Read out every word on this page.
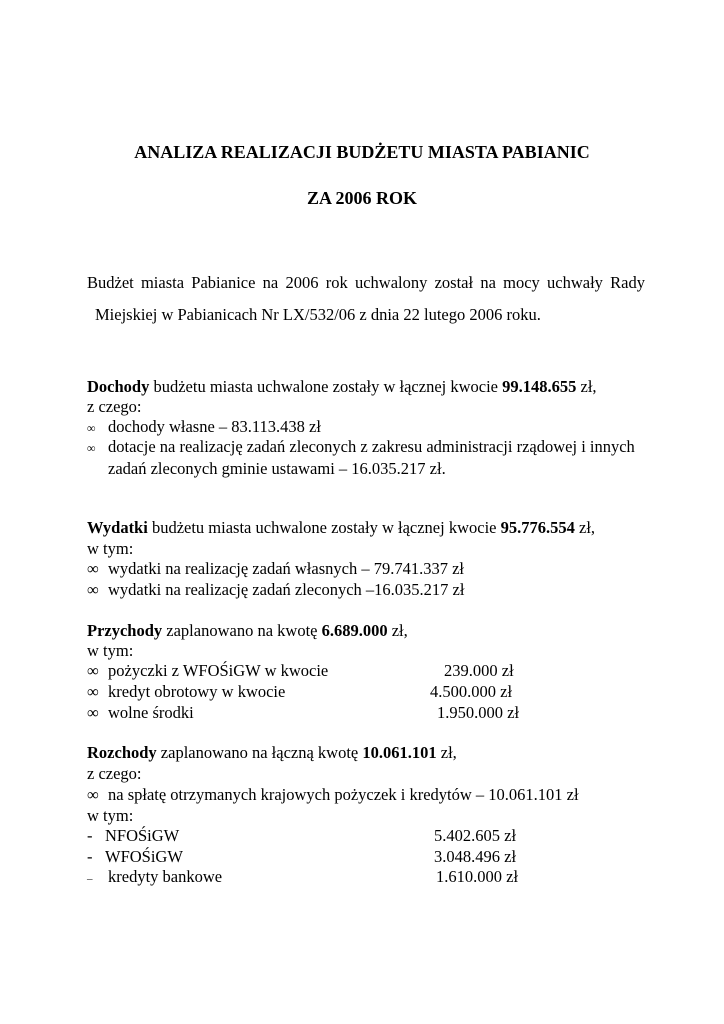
ANALIZA REALIZACJI BUDŻETU MIASTA PABIANIC
ZA 2006 ROK
Budżet miasta Pabianice na 2006 rok uchwalony został na mocy uchwały Rady
Miejskiej w Pabianicach Nr LX/532/06 z dnia 22 lutego 2006 roku.
Dochody budżetu miasta uchwalone zostały w łącznej kwocie 99.148.655 zł,
z czego:
∞ dochody własne – 83.113.438 zł
∞ dotacje na realizację zadań zleconych z zakresu administracji rządowej i innych
zadań zleconych gminie ustawami – 16.035.217 zł.
Wydatki budżetu miasta uchwalone zostały w łącznej kwocie 95.776.554 zł,
w tym:
∞ wydatki na realizację zadań własnych – 79.741.337 zł
∞ wydatki na realizację zadań zleconych –16.035.217 zł
Przychody zaplanowano na kwotę 6.689.000 zł,
w tym:
∞ pożyczki z WFOŚiGW w kwocie	239.000 zł
∞ kredyt obrotowy w kwocie	4.500.000 zł
∞ wolne środki	1.950.000 zł
Rozchody zaplanowano na łączną kwotę 10.061.101 zł,
z czego:
∞ na spłatę otrzymanych krajowych pożyczek i kredytów – 10.061.101 zł
w tym:
- NFOŚiGW	5.402.605 zł
- WFOŚiGW	3.048.496 zł
– kredyty bankowe	1.610.000 zł
